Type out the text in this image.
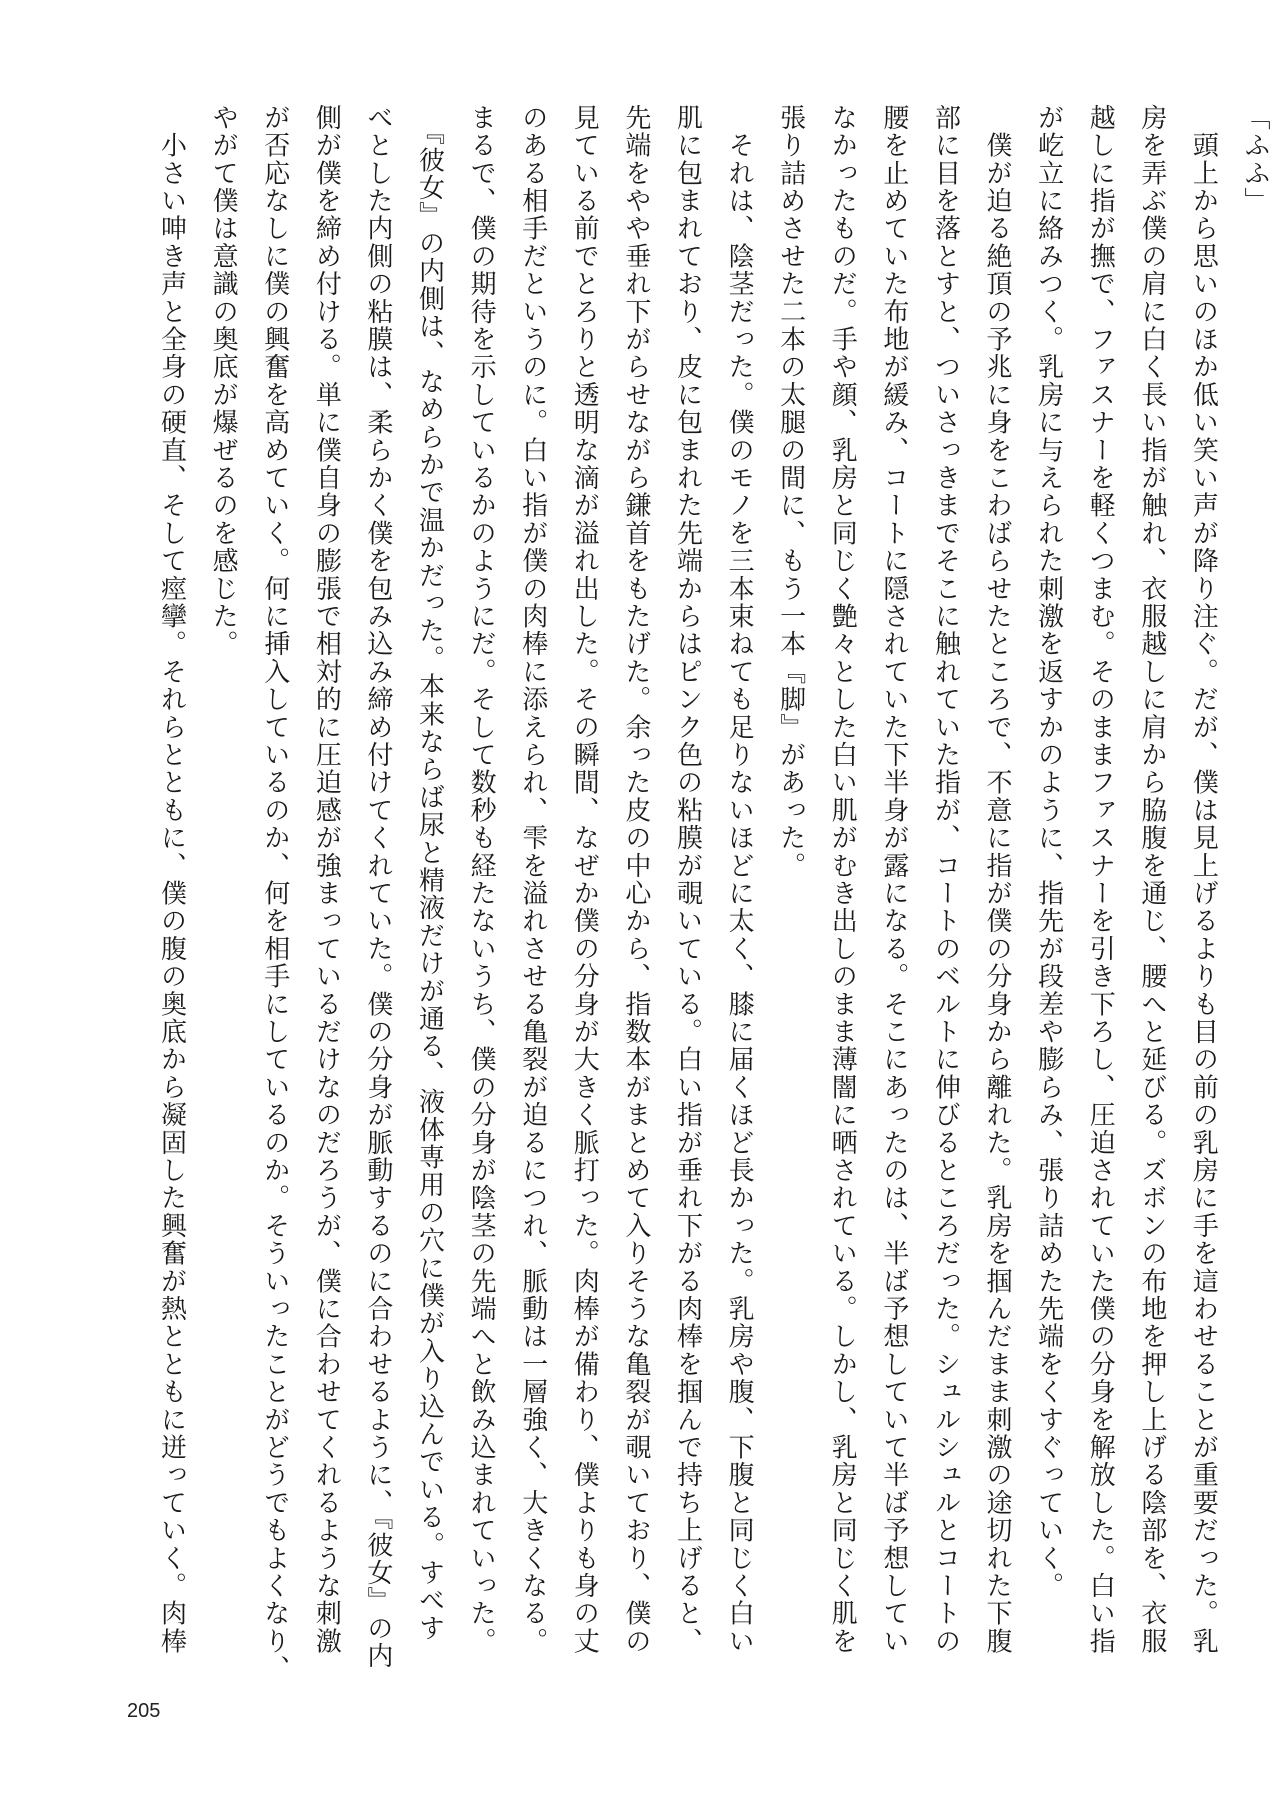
「ふふ」
　頭上から思いのほか低い笑い声が降り注ぐ。だが、僕は見上げるよりも目の前の乳房に手を這わせることが重要だった。乳
房を弄ぶ僕の肩に白く長い指が触れ、衣服越しに肩から脇腹を通じ、腰へと延びる。ズボンの布地を押し上げる陰部を、衣服
越しに指が撫で、ファスナーを軽くつまむ。そのままファスナーを引き下ろし、圧迫されていた僕の分身を解放した。白い指
が屹立に絡みつく。乳房に与えられた刺激を返すかのように、指先が段差や膨らみ、張り詰めた先端をくすぐっていく。
　僕が迫る絶頂の予兆に身をこわばらせたところで、不意に指が僕の分身から離れた。乳房を掴んだまま刺激の途切れた下腹
部に目を落とすと、ついさっきまでそこに触れていた指が、コートのベルトに伸びるところだった。シュルシュルとコートの
腰を止めていた布地が緩み、コートに隠されていた下半身が露になる。そこにあったのは、半ば予想していて半ば予想してい
なかったものだ。手や顔、乳房と同じく艶々とした白い肌がむき出しのまま薄闇に晒されている。しかし、乳房と同じく肌を
張り詰めさせた二本の太腿の間に、もう一本『脚』があった。
　それは、陰茎だった。僕のモノを三本束ねても足りないほどに太く、膝に届くほど長かった。乳房や腹、下腹と同じく白い
肌に包まれており、皮に包まれた先端からはピンク色の粘膜が覗いている。白い指が垂れ下がる肉棒を掴んで持ち上げると、
先端をやや垂れ下がらせながら鎌首をもたげた。余った皮の中心から、指数本がまとめて入りそうな亀裂が覗いており、僕の
見ている前でとろりと透明な滴が溢れ出した。その瞬間、なぜか僕の分身が大きく脈打った。肉棒が備わり、僕よりも身の丈
のある相手だというのに。白い指が僕の肉棒に添えられ、雫を溢れさせる亀裂が迫るにつれ、脈動は一層強く、大きくなる。
まるで、僕の期待を示しているかのようにだ。そして数秒も経たないうち、僕の分身が陰茎の先端へと飲み込まれていった。
　『彼女』の内側は、なめらかで温かだった。本来ならば尿と精液だけが通る、液体専用の穴に僕が入り込んでいる。すべす
べとした内側の粘膜は、柔らかく僕を包み込み締め付けてくれていた。僕の分身が脈動するのに合わせるように、『彼女』の内
側が僕を締め付ける。単に僕自身の膨張で相対的に圧迫感が強まっているだけなのだろうが、僕に合わせてくれるような刺激
が否応なしに僕の興奮を高めていく。何に挿入しているのか、何を相手にしているのか。そういったことがどうでもよくなり、
やがて僕は意識の奥底が爆ぜるのを感じた。
　小さい呻き声と全身の硬直、そして痙攣。それらとともに、僕の腹の奥底から凝固した興奮が熱とともに迸っていく。肉棒
205
